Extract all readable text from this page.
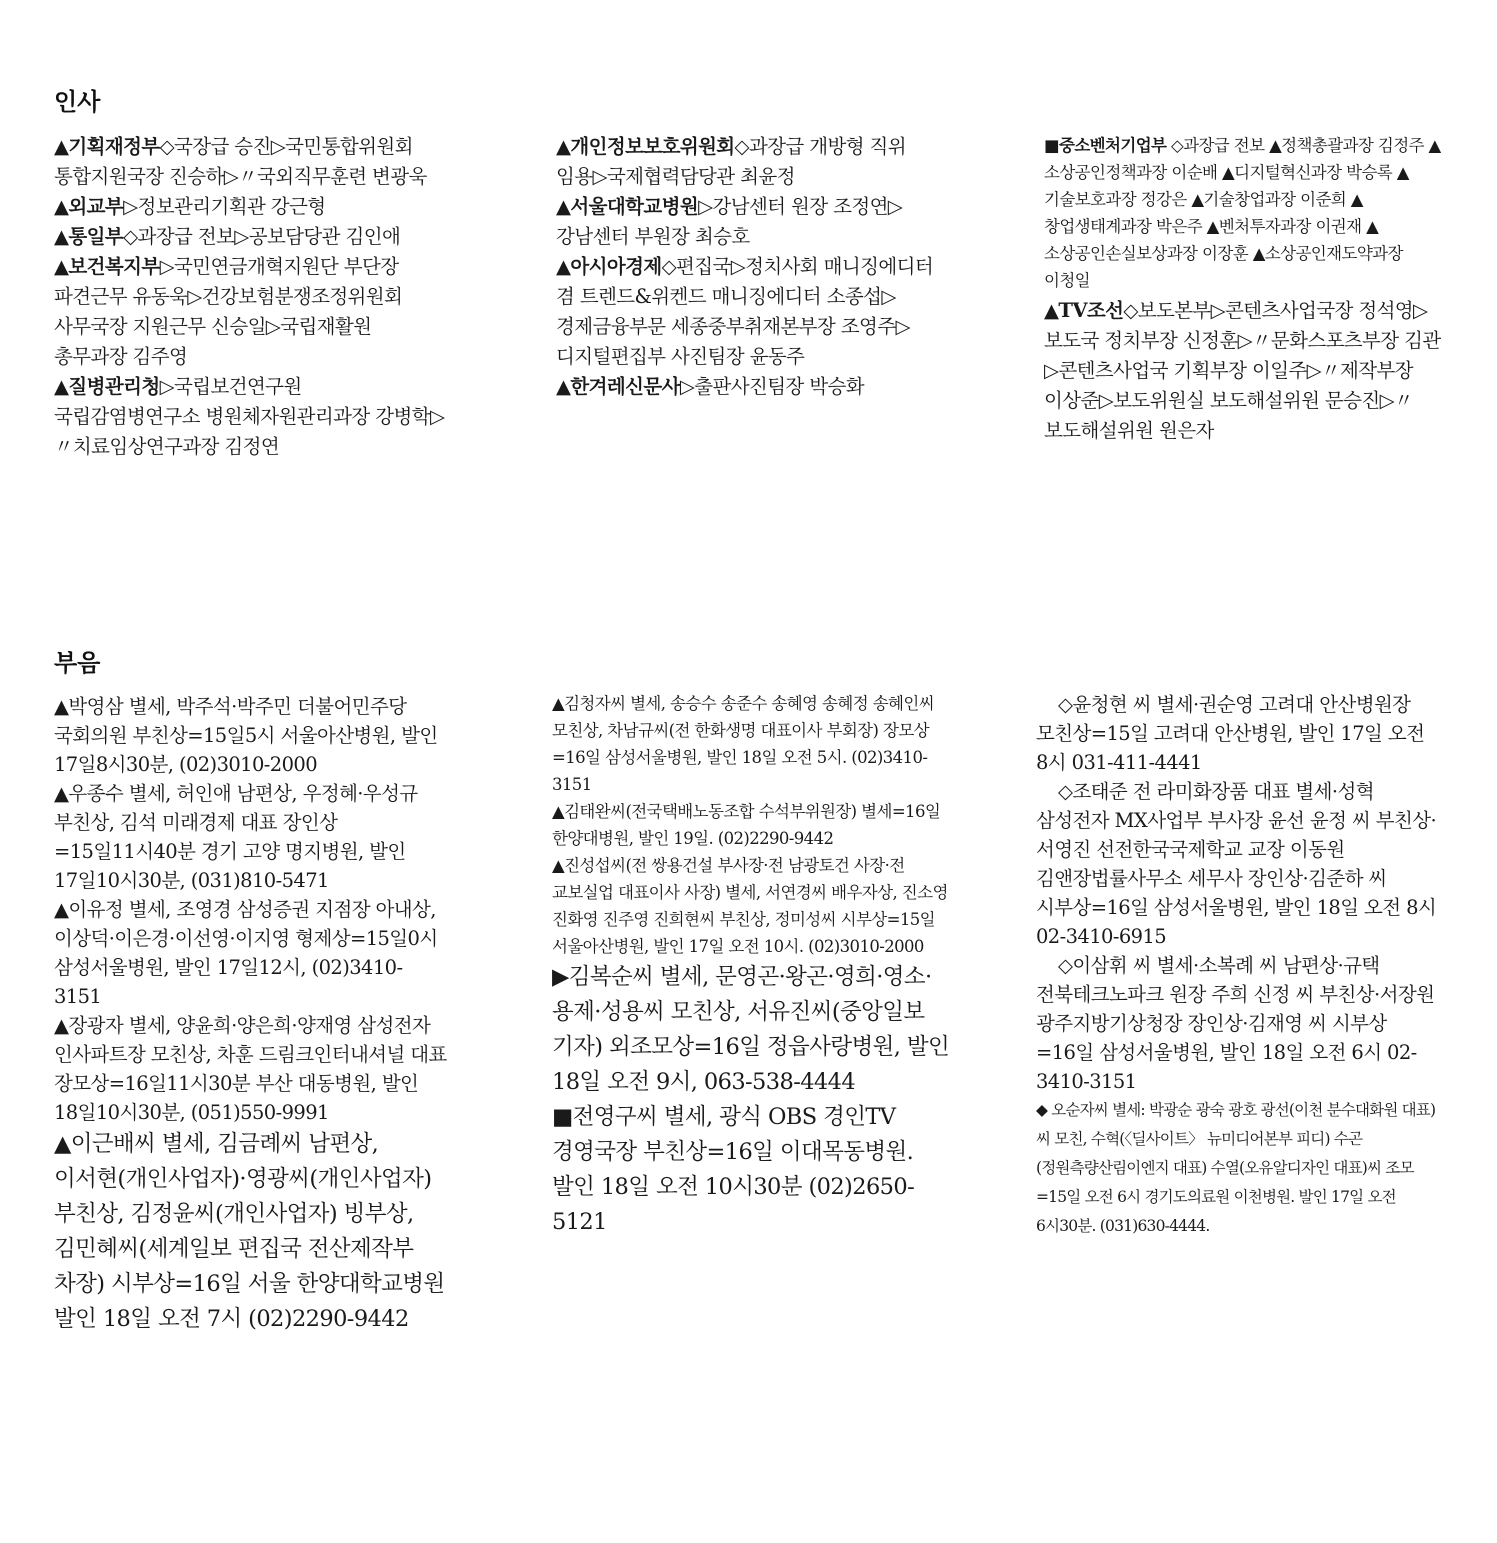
인사
부음

▲기획재정부◇국장급 승진▷국민통합위원회 통합지원국장 진승하▷〃국외직무훈련 변광욱

▲외교부▷정보관리기획관 강근형

▲통일부◇과장급 전보▷공보담당관 김인애

▲보건복지부▷국민연금개혁지원단 부단장 파견근무 유동욱▷건강보험분쟁조정위원회 사무국장 지원근무 신승일▷국립재활원 총무과장 김주영

▲질병관리청▷국립보건연구원 국립감염병연구소 병원체자원관리과장 강병학▷〃치료임상연구과장 김정연

▲개인정보보호위원회◇과장급 개방형 직위 임용▷국제협력담당관 최윤정

▲서울대학교병원▷강남센터 원장 조정연▷강남센터 부원장 최승호

▲아시아경제◇편집국▷정치사회 매니징에디터 겸 트렌드&위켄드 매니징에디터 소종섭▷경제금융부문 세종중부취재본부장 조영주▷디지털편집부 사진팀장 윤동주

▲한겨레신문사▷출판사진팀장 박승화

■중소벤처기업부 ◇과장급 전보 ▲정책총괄과장 김정주 ▲소상공인정책과장 이순배 ▲디지털혁신과장 박승록 ▲기술보호과장 정강은 ▲기술창업과장 이준희 ▲창업생태계과장 박은주 ▲벤처투자과장 이권재 ▲소상공인손실보상과장 이장훈 ▲소상공인재도약과장 이청일

▲TV조선◇보도본부▷콘텐츠사업국장 정석영▷보도국 정치부장 신정훈▷〃문화스포츠부장 김관▷콘텐츠사업국 기획부장 이일주▷〃제작부장 이상준▷보도위원실 보도해설위원 문승진▷〃보도해설위원 원은자

▲박영삼 별세, 박주석·박주민 더불어민주당 국회의원 부친상=15일5시 서울아산병원, 발인 17일8시30분, (02)3010-2000

▲우종수 별세, 허인애 남편상, 우정혜·우성규 부친상, 김석 미래경제 대표 장인상=15일11시40분 경기 고양 명지병원, 발인 17일10시30분, (031)810-5471

▲이유정 별세, 조영경 삼성증권 지점장 아내상, 이상덕·이은경·이선영·이지영 형제상=15일0시 삼성서울병원, 발인 17일12시, (02)3410-3151

▲장광자 별세, 양윤희·양은희·양재영 삼성전자 인사파트장 모친상, 차훈 드림크인터내셔널 대표 장모상=16일11시30분 부산 대동병원, 발인 18일10시30분, (051)550-9991

▲이근배씨 별세, 김금례씨 남편상, 이서현(개인사업자)·영광씨(개인사업자) 부친상, 김정윤씨(개인사업자) 빙부상, 김민혜씨(세계일보 편집국 전산제작부 차장) 시부상=16일 서울 한양대학교병원 발인 18일 오전 7시 (02)2290-9442

▲김청자씨 별세, 송승수 송준수 송혜영 송혜정 송혜인씨 모친상, 차남규씨(전 한화생명 대표이사 부회장) 장모상=16일 삼성서울병원, 발인 18일 오전 5시. (02)3410-3151

▲김태완씨(전국택배노동조합 수석부위원장) 별세=16일 한양대병원, 발인 19일. (02)2290-9442

▲진성섭씨(전 쌍용건설 부사장·전 남광토건 사장·전 교보실업 대표이사 사장) 별세, 서연경씨 배우자상, 진소영 진화영 진주영 진희현씨 부친상, 정미성씨 시부상=15일 서울아산병원, 발인 17일 오전 10시. (02)3010-2000

▶김복순씨 별세, 문영곤·왕곤·영희·영소·용제·성용씨 모친상, 서유진씨(중앙일보 기자) 외조모상=16일 정읍사랑병원, 발인 18일 오전 9시, 063-538-4444

■전영구씨 별세, 광식 OBS 경인TV 경영국장 부친상=16일 이대목동병원. 발인 18일 오전 10시30분 (02)2650-5121

◇윤청현 씨 별세·권순영 고려대 안산병원장 모친상=15일 고려대 안산병원, 발인 17일 오전 8시 031-411-4441

◇조태준 전 라미화장품 대표 별세·성혁 삼성전자 MX사업부 부사장 윤선 윤정 씨 부친상·서영진 선전한국국제학교 교장 이동원 김앤장법률사무소 세무사 장인상·김준하 씨 시부상=16일 삼성서울병원, 발인 18일 오전 8시 02-3410-6915

◇이삼휘 씨 별세·소복례 씨 남편상·규택 전북테크노파크 원장 주희 신정 씨 부친상·서장원 광주지방기상청장 장인상·김재영 씨 시부상=16일 삼성서울병원, 발인 18일 오전 6시 02-3410-3151

◆ 오순자씨 별세: 박광순 광숙 광호 광선(이천 분수대화원 대표)씨 모친, 수혁(〈딜사이트〉 뉴미디어본부 피디) 수곤(정원측량산림이엔지 대표) 수열(오유알디자인 대표)씨 조모=15일 오전 6시 경기도의료원 이천병원. 발인 17일 오전 6시30분. (031)630-4444.
